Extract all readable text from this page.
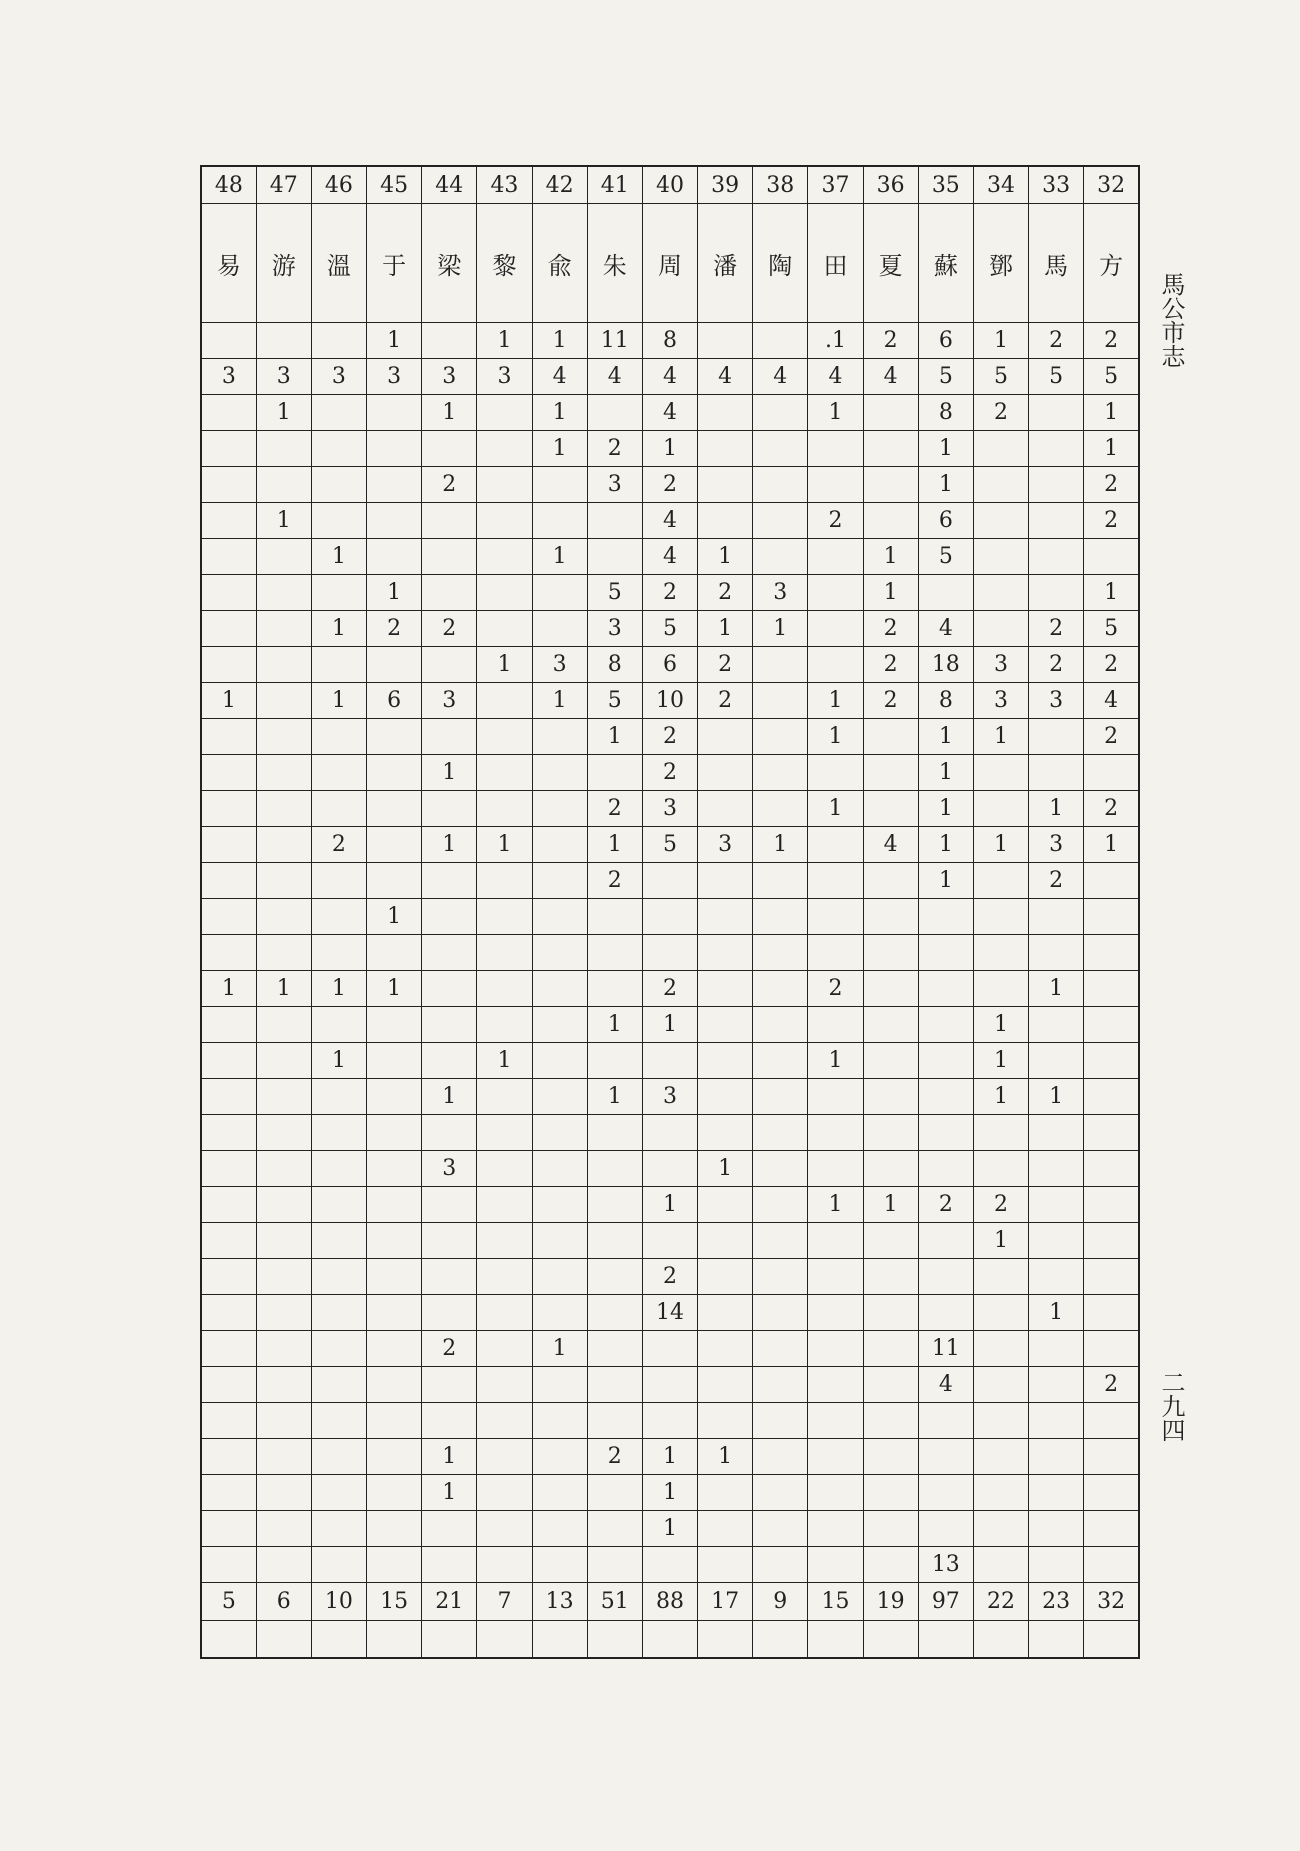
48	47	46	45	44	43	42	41	40	39	38	37	36	35	34	33	32
易	游	溫	于	梁	黎	兪	朱	周	潘	陶	田	夏	蘇	鄧	馬	方
			1		1	1	11	8			.1	2	6	1	2	2
3	3	3	3	3	3	4	4	4	4	4	4	4	5	5	5	5
	1			1		1		4			1		8	2		1
						1	2	1					1			1
				2			3	2					1			2
	1							4			2		6			2
		1				1		4	1			1	5			
			1				5	2	2	3		1				1
		1	2	2			3	5	1	1		2	4		2	5
					1	3	8	6	2			2	18	3	2	2
1		1	6	3		1	5	10	2		1	2	8	3	3	4
							1	2			1		1	1		2
				1				2					1			
							2	3			1		1		1	2
		2		1	1		1	5	3	1		4	1	1	3	1
							2						1		2	
			1													

1	1	1	1					2			2				1	
							1	1						1		
		1			1						1			1		
				1			1	3						1	1	

				3					1							
								1			1	1	2	2		
														1		
								2								
								14							1	
				2		1							11			
													4			2

				1			2	1	1							
				1				1								
								1								
													13			
5	6	10	15	21	7	13	51	88	17	9	15	19	97	22	23	32

馬公市志
二九四
